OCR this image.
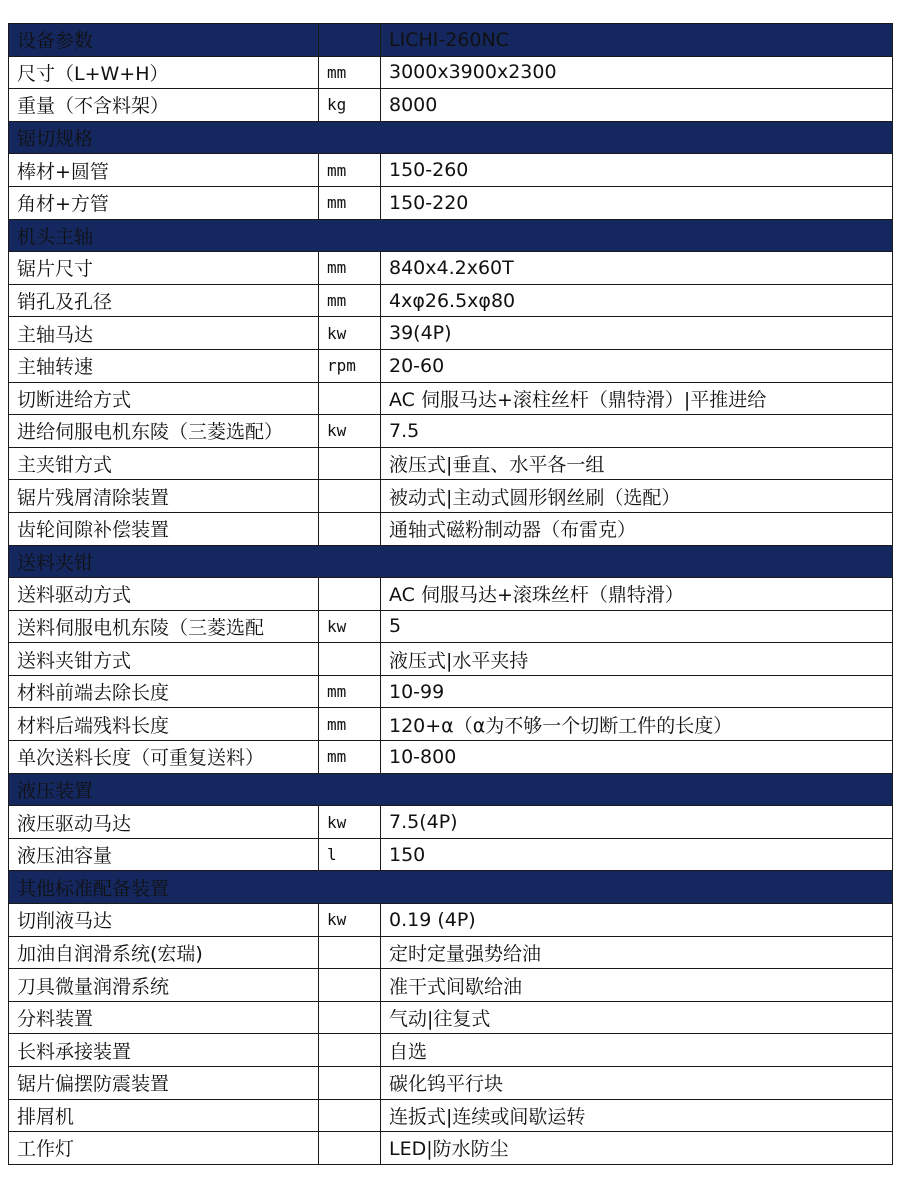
设备参数		LICHI-260NC
尺寸（L+W+H）	mm	3000x3900x2300
重量（不含料架）	kg	8000
锯切规格		
棒材+圆管	mm	150-260
角材+方管	mm	150-220
机头主轴		
锯片尺寸	mm	840x4.2x60T
销孔及孔径	mm	4xφ26.5xφ80
主轴马达	kw	39(4P)
主轴转速	rpm	20-60
切断进给方式		AC 伺服马达+滚柱丝杆（鼎特滑）|平推进给
进给伺服电机东陵（三菱选配）	kw	7.5
主夹钳方式		液压式|垂直、水平各一组
锯片残屑清除装置		被动式|主动式圆形钢丝刷（选配）
齿轮间隙补偿装置		通轴式磁粉制动器（布雷克）
送料夹钳		
送料驱动方式		AC 伺服马达+滚珠丝杆（鼎特滑）
送料伺服电机东陵（三菱选配	kw	5
送料夹钳方式		液压式|水平夹持
材料前端去除长度	mm	10-99
材料后端残料长度	mm	120+α（α为不够一个切断工件的长度）
单次送料长度（可重复送料）	mm	10-800
液压装置		
液压驱动马达	kw	7.5(4P)
液压油容量	l	150
其他标准配备装置		
切削液马达	kw	0.19 (4P)
加油自润滑系统(宏瑞)		定时定量强势给油
刀具微量润滑系统		准干式间歇给油
分料装置		气动|往复式
长料承接装置		自选
锯片偏摆防震装置		碳化钨平行块
排屑机		连扳式|连续或间歇运转
工作灯		LED|防水防尘
